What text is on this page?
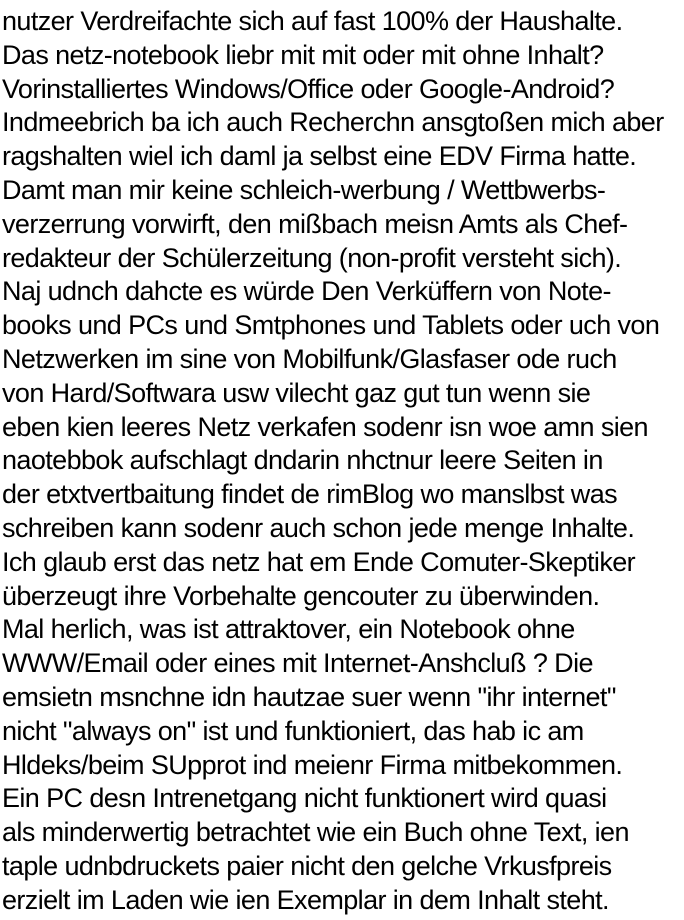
nutzer Verdreifachte sich auf fast 100% der Haushalte.
Das netz-notebook liebr mit mit oder mit ohne Inhalt?
Vorinstalliertes Windows/Office oder Google-Android?
Indmeebrich ba ich auch Recherchn ansgtoßen mich aber
ragshalten wiel ich daml ja selbst eine EDV Firma hatte.
Damt man mir keine schleich-werbung / Wettbwerbs-
verzerrung vorwirft, den mißbach meisn Amts als Chef-
redakteur der Schülerzeitung (non-profit versteht sich).
Naj udnch dahcte es würde Den Verküffern von Note-
books und PCs und Smtphones und Tablets oder uch von
Netzwerken im sine von Mobilfunk/Glasfaser ode ruch
von Hard/Softwara usw vilecht gaz gut tun wenn sie
eben kien leeres Netz verkafen sodenr isn woe amn sien
naotebbok aufschlagt dndarin nhctnur leere Seiten in
der etxtvertbaitung findet de rimBlog wo manslbst was
schreiben kann sodenr auch schon jede menge Inhalte.
Ich glaub erst das netz hat em Ende Comuter-Skeptiker
überzeugt ihre Vorbehalte gencouter zu überwinden.
Mal herlich, was ist attraktover, ein Notebook ohne
WWW/Email oder eines mit Internet-Anshcluß ? Die
emsietn msnchne idn hautzae suer wenn "ihr internet"
nicht "always on" ist und funktioniert, das hab ic am
Hldeks/beim SUpprot ind meienr Firma mitbekommen.
Ein PC desn Intrenetgang nicht funktionert wird quasi
als minderwertig betrachtet wie ein Buch ohne Text, ien
taple udnbdruckets paier nicht den gelche Vrkusfpreis
erzielt im Laden wie ien Exemplar in dem Inhalt steht.
